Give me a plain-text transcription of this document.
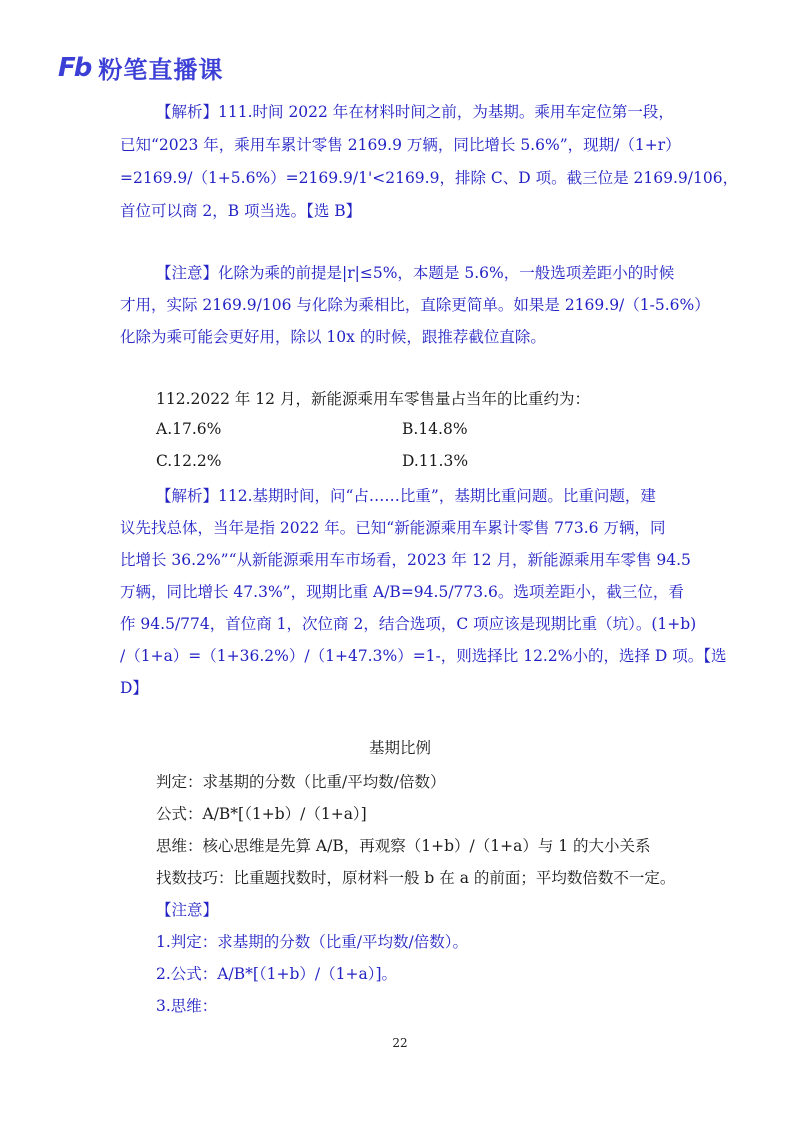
Fb 粉笔直播课
【解析】111.时间 2022 年在材料时间之前，为基期。乘用车定位第一段，
已知“2023 年，乘用车累计零售 2169.9 万辆，同比增长 5.6%”，现期/（1+r）
=2169.9/（1+5.6%）=2169.9/1'<2169.9，排除 C、D 项。截三位是 2169.9/106，
首位可以商 2，B 项当选。【选 B】
【注意】化除为乘的前提是|r|≤5%，本题是 5.6%，一般选项差距小的时候
才用，实际 2169.9/106 与化除为乘相比，直除更简单。如果是 2169.9/（1-5.6%）
化除为乘可能会更好用，除以 10x 的时候，跟推荐截位直除。
112.2022 年 12 月，新能源乘用车零售量占当年的比重约为：
A.17.6%	B.14.8%
C.12.2%	D.11.3%
【解析】112.基期时间，问“占……比重”，基期比重问题。比重问题，建
议先找总体，当年是指 2022 年。已知“新能源乘用车累计零售 773.6 万辆，同
比增长 36.2%”“从新能源乘用车市场看，2023 年 12 月，新能源乘用车零售 94.5
万辆，同比增长 47.3%”，现期比重 A/B=94.5/773.6。选项差距小，截三位，看
作 94.5/774，首位商 1，次位商 2，结合选项，C 项应该是现期比重（坑）。(1+b)
/（1+a）=（1+36.2%）/（1+47.3%）=1-，则选择比 12.2%小的，选择 D 项。【选
D】
基期比例
判定：求基期的分数（比重/平均数/倍数）
公式：A/B*[（1+b）/（1+a）]
思维：核心思维是先算 A/B，再观察（1+b）/（1+a）与 1 的大小关系
找数技巧：比重题找数时，原材料一般 b 在 a 的前面；平均数倍数不一定。
【注意】
1.判定：求基期的分数（比重/平均数/倍数）。
2.公式：A/B*[（1+b）/（1+a）]。
3.思维：
22
